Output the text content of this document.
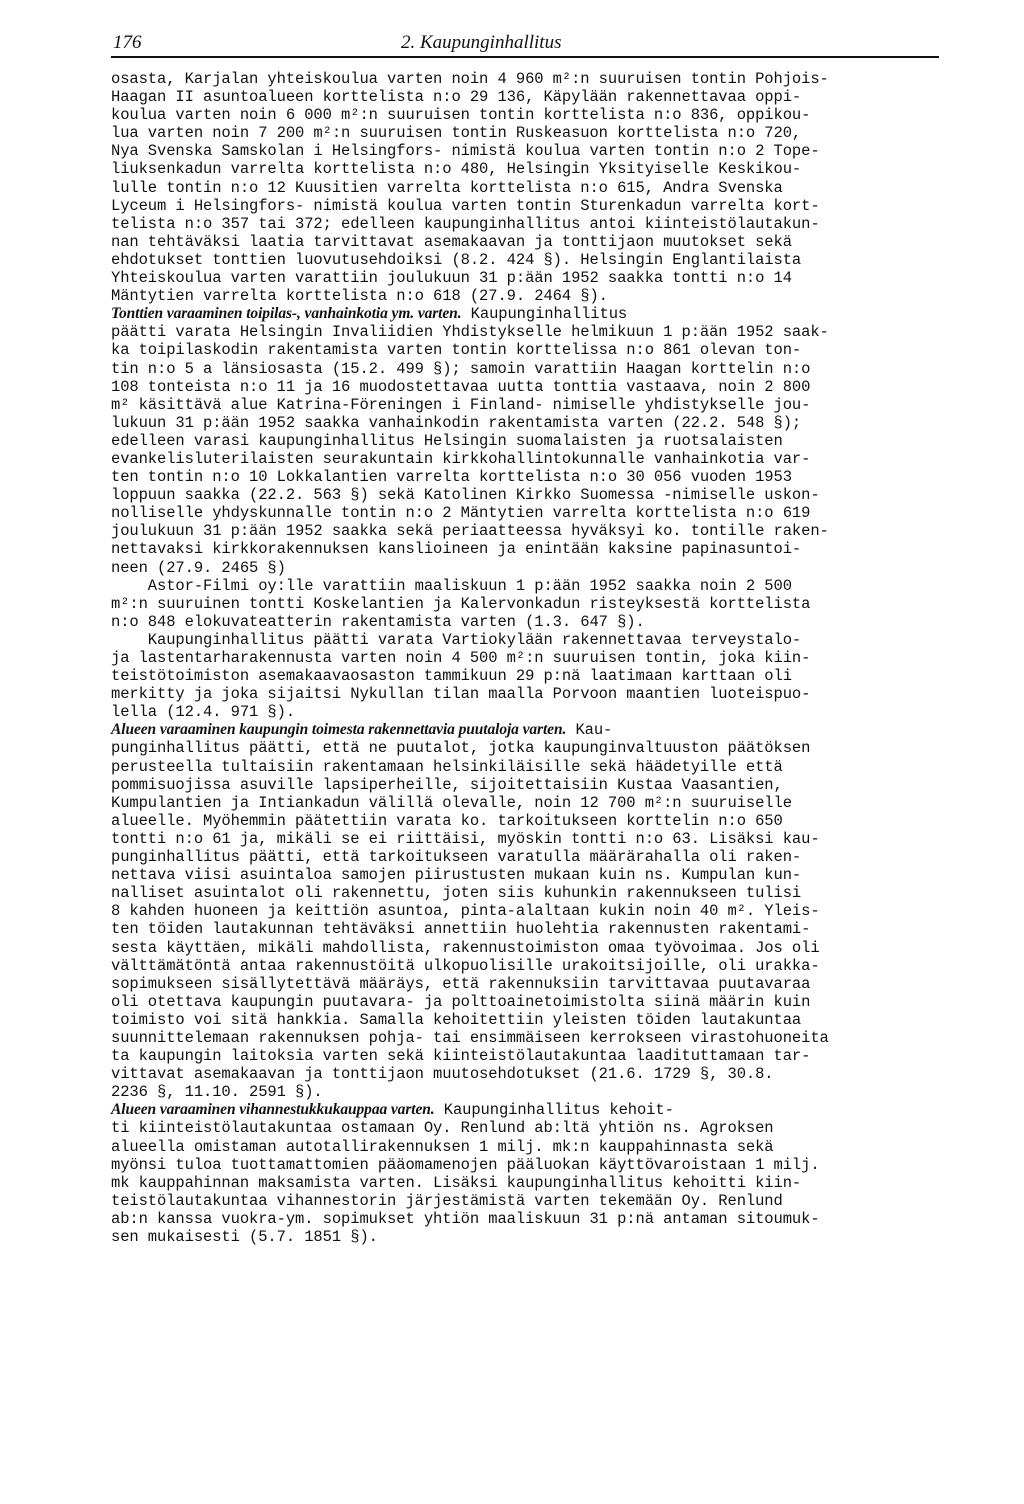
176	2. Kaupunginhallitus
osasta, Karjalan yhteiskoulua varten noin 4 960 m²:n suuruisen tontin Pohjois-
Haagan II asuntoalueen korttelista n:o 29 136, Käpylään rakennettavaa oppi-
koulua varten noin 6 000 m²:n suuruisen tontin korttelista n:o 836, oppikou-
lua varten noin 7 200 m²:n suuruisen tontin Ruskeasuon korttelista n:o 720,
Nya Svenska Samskolan i Helsingfors- nimistä koulua varten tontin n:o 2 Tope-
liuksenkadun varrelta korttelista n:o 480, Helsingin Yksityiselle Keskikou-
lulle tontin n:o 12 Kuusitien varrelta korttelista n:o 615, Andra Svenska
Lyceum i Helsingfors- nimistä koulua varten tontin Sturenkadun varrelta kort-
telista n:o 357 tai 372; edelleen kaupunginhallitus antoi kiinteistölautakun-
nan tehtäväksi laatia tarvittavat asemakaavan ja tonttijaon muutokset sekä
ehdotukset tonttien luovutusehdoiksi (8.2. 424 §). Helsingin Englantilaista
Yhteiskoulua varten varattiin joulukuun 31 p:ään 1952 saakka tontti n:o 14
Mäntytien varrelta korttelista n:o 618 (27.9. 2464 §).
Tonttien varaaminen toipilas-, vanhainkotia ym. varten. Kaupunginhallitus
päätti varata Helsingin Invaliidien Yhdistykselle helmikuun 1 p:ään 1952 saak-
ka toipilaskodin rakentamista varten tontin korttelissa n:o 861 olevan ton-
tin n:o 5 a länsiosasta (15.2. 499 §); samoin varattiin Haagan korttelin n:o
108 tonteista n:o 11 ja 16 muodostettavaa uutta tonttia vastaava, noin 2 800
m² käsittävä alue Katrina-Föreningen i Finland- nimiselle yhdistykselle jou-
lukuun 31 p:ään 1952 saakka vanhainkodin rakentamista varten (22.2. 548 §);
edelleen varasi kaupunginhallitus Helsingin suomalaisten ja ruotsalaisten
evankelisluterilaisten seurakuntain kirkkohallintokunnalle vanhainkotia var-
ten tontin n:o 10 Lokkalantien varrelta korttelista n:o 30 056 vuoden 1953
loppuun saakka (22.2. 563 §) sekä Katolinen Kirkko Suomessa -nimiselle uskon-
nolliselle yhdyskunnalle tontin n:o 2 Mäntytien varrelta korttelista n:o 619
joulukuun 31 p:ään 1952 saakka sekä periaatteessa hyväksyi ko. tontille raken-
nettavaksi kirkkorakennuksen kanslioineen ja enintään kaksine papinasuntoi-
neen (27.9. 2465 §)
Astor-Filmi oy:lle varattiin maaliskuun 1 p:ään 1952 saakka noin 2 500
m²:n suuruinen tontti Koskelantien ja Kalervonkadun risteyksestä korttelista
n:o 848 elokuvateatterin rakentamista varten (1.3. 647 §).
Kaupunginhallitus päätti varata Vartiokylään rakennettavaa terveystalo-
ja lastentarharakennusta varten noin 4 500 m²:n suuruisen tontin, joka kiin-
teistötoimiston asemakaavaosaston tammikuun 29 p:nä laatimaan karttaan oli
merkitty ja joka sijaitsi Nykullan tilan maalla Porvoon maantien luoteispuo-
lella (12.4. 971 §).
Alueen varaaminen kaupungin toimesta rakennettavia puutaloja varten. Kau-
punginhallitus päätti, että ne puutalot, jotka kaupunginvaltuuston päätöksen
perusteella tultaisiin rakentamaan helsinkiläisille sekä häädetyille että
pommisuojissa asuville lapsiperheille, sijoitettaisiin Kustaa Vaasantien,
Kumpulantien ja Intiankadun välillä olevalle, noin 12 700 m²:n suuruiselle
alueelle. Myöhemmin päätettiin varata ko. tarkoitukseen korttelin n:o 650
tontti n:o 61 ja, mikäli se ei riittäisi, myöskin tontti n:o 63. Lisäksi kau-
punginhallitus päätti, että tarkoitukseen varatulla määrärahalla oli raken-
nettava viisi asuintaloa samojen piirustusten mukaan kuin ns. Kumpulan kun-
nalliset asuintalot oli rakennettu, joten siis kuhunkin rakennukseen tulisi
8 kahden huoneen ja keittiön asuntoa, pinta-alaltaan kukin noin 40 m². Yleis-
ten töiden lautakunnan tehtäväksi annettiin huolehtia rakennusten rakentami-
sesta käyttäen, mikäli mahdollista, rakennustoimiston omaa työvoimaa. Jos oli
välttämätöntä antaa rakennustöitä ulkopuolisille urakoitsijoille, oli urakka-
sopimukseen sisällytettävä määräys, että rakennuksiin tarvittavaa puutavaraa
oli otettava kaupungin puutavara- ja polttoainetoimistolta siinä määrin kuin
toimisto voi sitä hankkia. Samalla kehoitettiin yleisten töiden lautakuntaa
suunnittelemaan rakennuksen pohja- tai ensimmäiseen kerrokseen virastohuoneita
ta kaupungin laitoksia varten sekä kiinteistölautakuntaa laadituttamaan tar-
vittavat asemakaavan ja tonttijaon muutosehdotukset (21.6. 1729 §, 30.8.
2236 §, 11.10. 2591 §).
Alueen varaaminen vihannestukkukauppaa varten. Kaupunginhallitus kehoit-
ti kiinteistölautakuntaa ostamaan Oy. Renlund ab:ltä yhtiön ns. Agroksen
alueella omistaman autotallirakennuksen 1 milj. mk:n kauppahinnasta sekä
myönsi tuloa tuottamattomien pääomamenojen pääluokan käyttövaroistaan 1 milj.
mk kauppahinnan maksamista varten. Lisäksi kaupunginhallitus kehoitti kiin-
teistölautakuntaa vihannestorin järjestämistä varten tekemään Oy. Renlund
ab:n kanssa vuokra-ym. sopimukset yhtiön maaliskuun 31 p:nä antaman sitoumuk-
sen mukaisesti (5.7. 1851 §).
